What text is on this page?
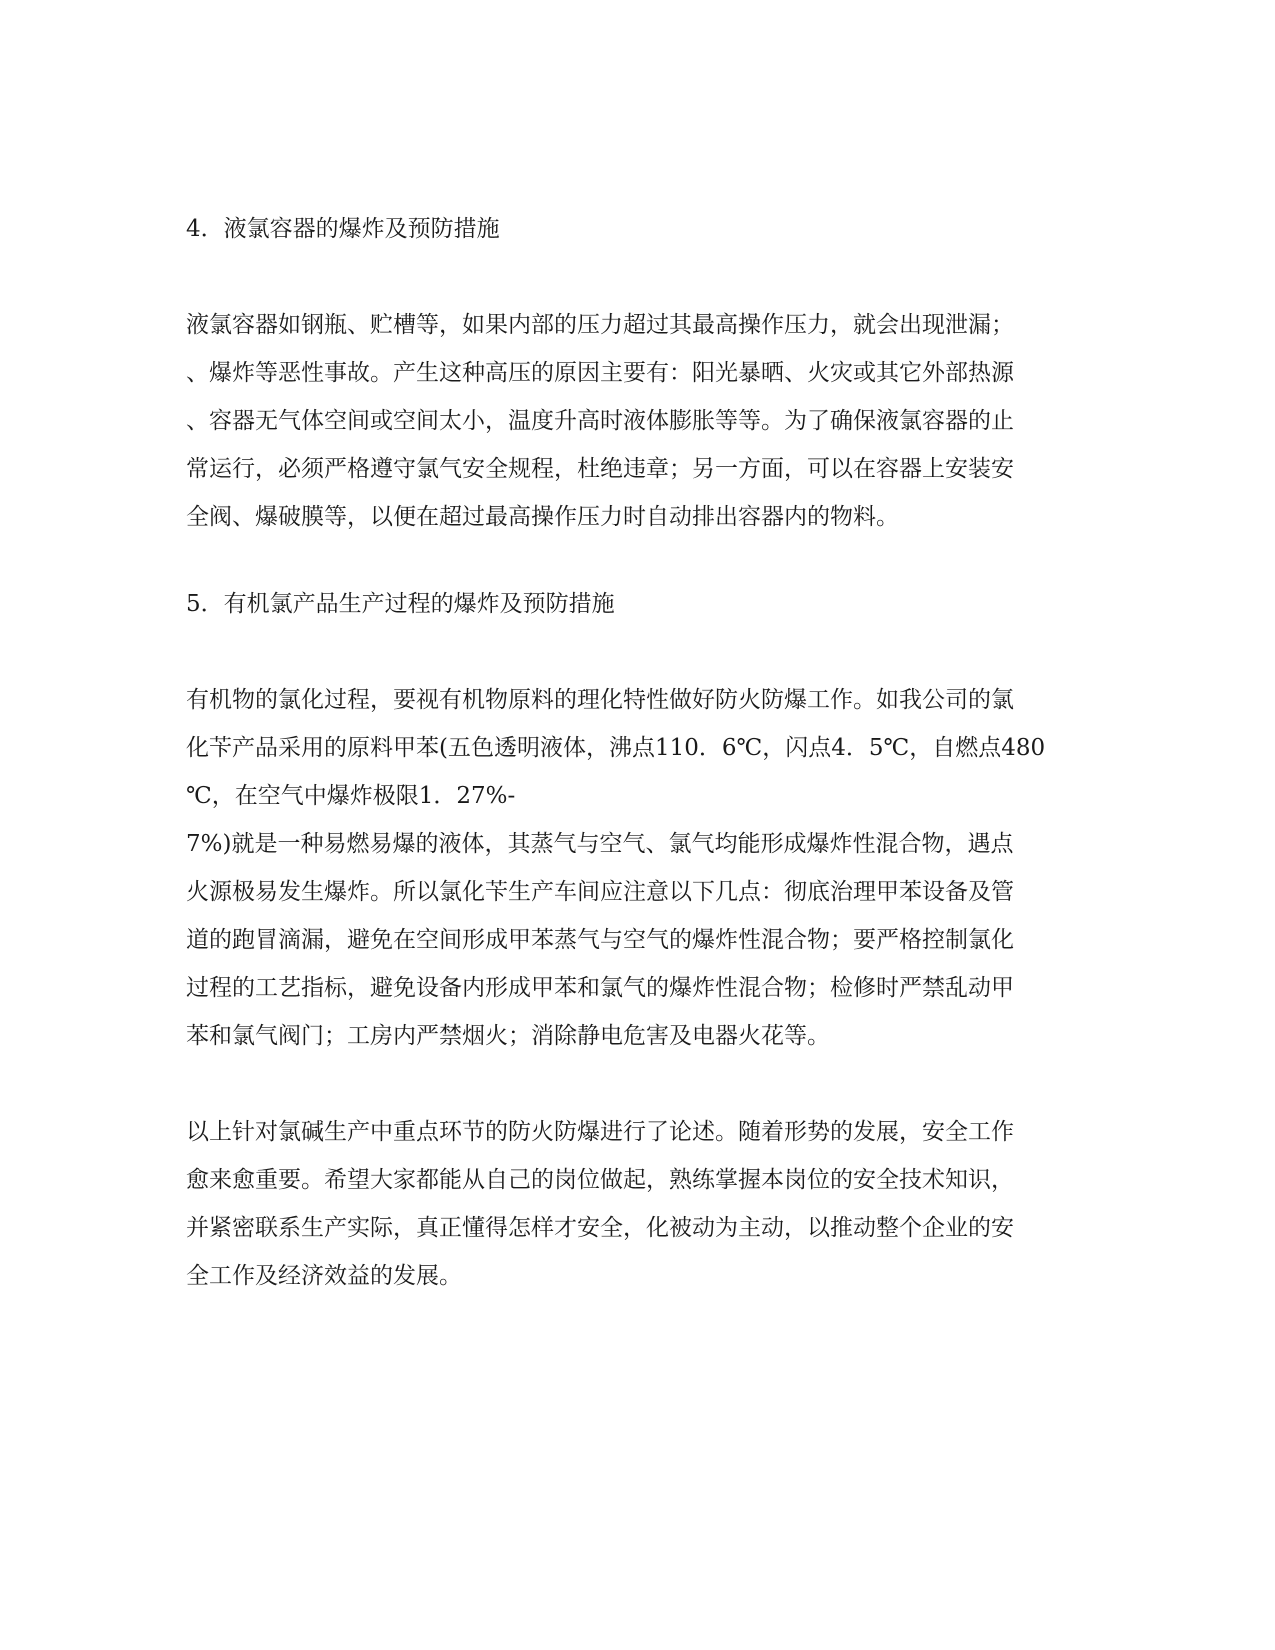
4．液氯容器的爆炸及预防措施
液氯容器如钢瓶、贮槽等，如果内部的压力超过其最高操作压力，就会出现泄漏；
、爆炸等恶性事故。产生这种高压的原因主要有：阳光暴晒、火灾或其它外部热源
、容器无气体空间或空间太小，温度升高时液体膨胀等等。为了确保液氯容器的止
常运行，必须严格遵守氯气安全规程，杜绝违章；另一方面，可以在容器上安装安
全阀、爆破膜等，以便在超过最高操作压力时自动排出容器内的物料。
5．有机氯产品生产过程的爆炸及预防措施
有机物的氯化过程，要视有机物原料的理化特性做好防火防爆工作。如我公司的氯
化苄产品采用的原料甲苯(五色透明液体，沸点110．6℃，闪点4．5℃，自燃点480
℃，在空气中爆炸极限1．27%-
7%)就是一种易燃易爆的液体，其蒸气与空气、氯气均能形成爆炸性混合物，遇点
火源极易发生爆炸。所以氯化苄生产车间应注意以下几点：彻底治理甲苯设备及管
道的跑冒滴漏，避免在空间形成甲苯蒸气与空气的爆炸性混合物；要严格控制氯化
过程的工艺指标，避免设备内形成甲苯和氯气的爆炸性混合物；检修时严禁乱动甲
苯和氯气阀门；工房内严禁烟火；消除静电危害及电器火花等。
以上针对氯碱生产中重点环节的防火防爆进行了论述。随着形势的发展，安全工作
愈来愈重要。希望大家都能从自己的岗位做起，熟练掌握本岗位的安全技术知识，
并紧密联系生产实际，真正懂得怎样才安全，化被动为主动，以推动整个企业的安
全工作及经济效益的发展。
